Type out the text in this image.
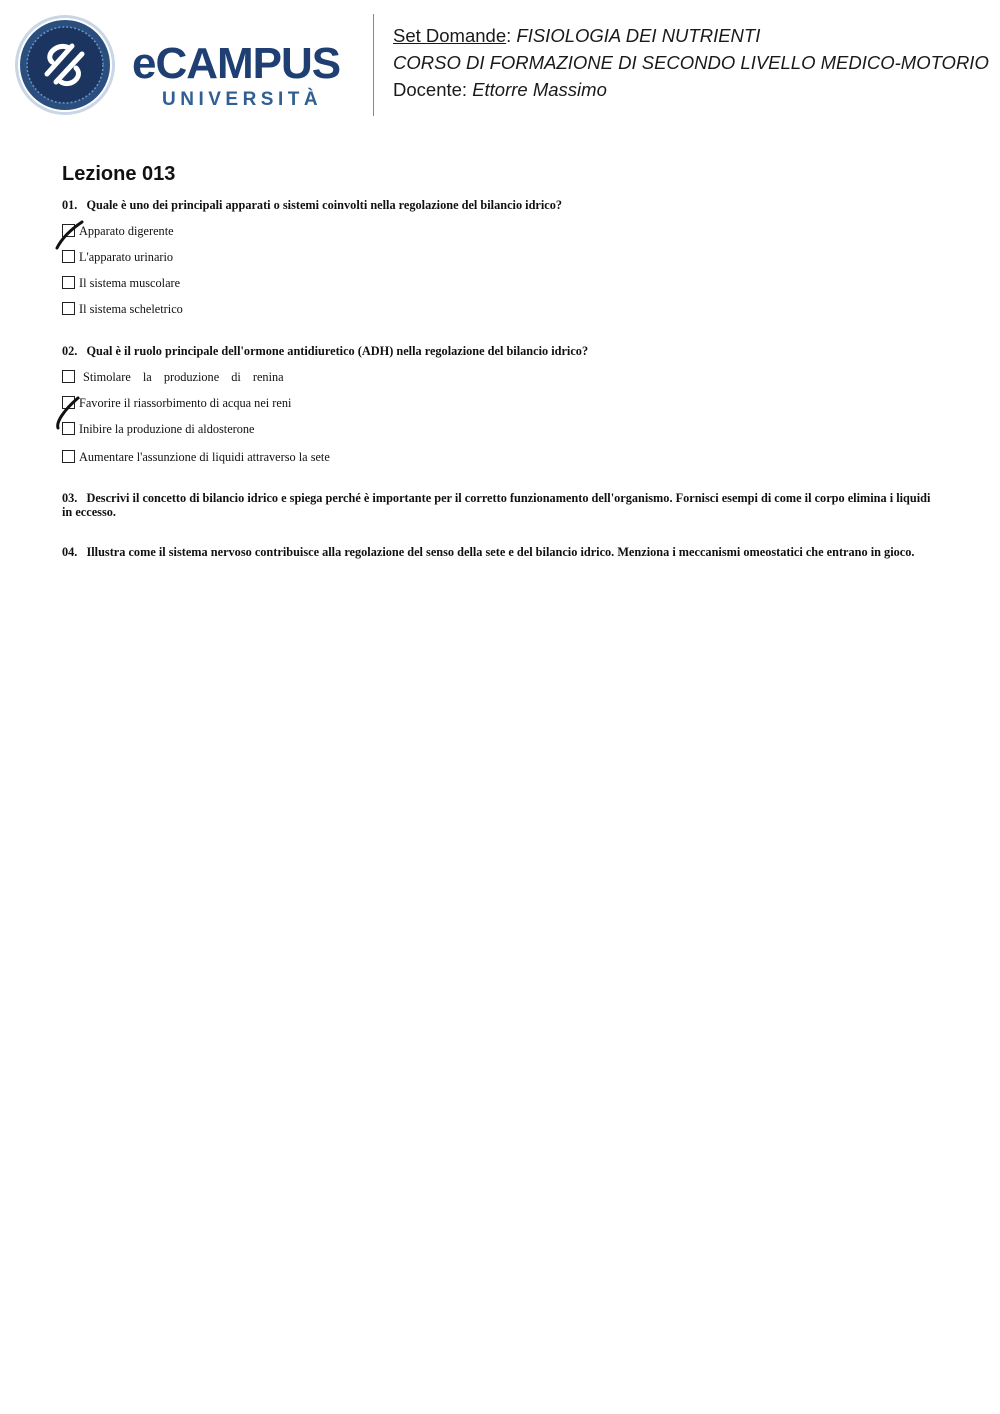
eCAMPUS
UNIVERSITÀ
Set Domande: FISIOLOGIA DEI NUTRIENTI
CORSO DI FORMAZIONE DI SECONDO LIVELLO MEDICO-MOTORIO
Docente: Ettorre Massimo
Lezione 013
01. Quale è uno dei principali apparati o sistemi coinvolti nella regolazione del bilancio idrico?
Apparato digerente
L'apparato urinario
Il sistema muscolare
Il sistema scheletrico
02. Qual è il ruolo principale dell'ormone antidiuretico (ADH) nella regolazione del bilancio idrico?
Stimolare la produzione di renina
Favorire il riassorbimento di acqua nei reni
Inibire la produzione di aldosterone
Aumentare l'assunzione di liquidi attraverso la sete
03. Descrivi il concetto di bilancio idrico e spiega perché è importante per il corretto funzionamento dell'organismo. Fornisci esempi di come il corpo elimina i liquidi in eccesso.
04. Illustra come il sistema nervoso contribuisce alla regolazione del senso della sete e del bilancio idrico. Menziona i meccanismi omeostatici che entrano in gioco.
